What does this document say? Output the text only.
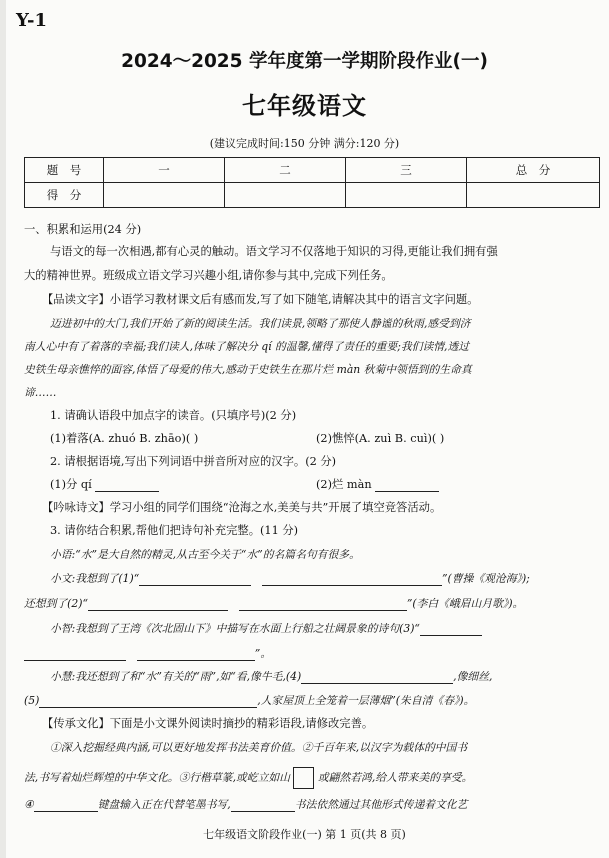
Y-1
2024～2025 学年度第一学期阶段作业(一)
七年级语文
(建议完成时间:150 分钟 满分:120 分)
题　号	一	二	三	总　分
得　分				
一、积累和运用(24 分)
与语文的每一次相遇,都有心灵的触动。语文学习不仅落地于知识的习得,更能让我们拥有强
大的精神世界。班级成立语文学习兴趣小组,请你参与其中,完成下列任务。
【品读文字】小语学习教材课文后有感而发,写了如下随笔,请解决其中的语言文字问题。
迈进初中的大门,我们开始了新的阅读生活。我们读景,领略了那使人静谧的秋雨,感受到济
南人心中有了着落的幸福;我们读人,体味了解决分 qí 的温馨,懂得了责任的重要;我们读情,透过
史铁生母亲憔悴的面容,体悟了母爱的伟大,感动于史铁生在那片烂 màn 秋菊中领悟到的生命真
谛……
1. 请确认语段中加点字的读音。(只填序号)(2 分)
(1)着落(A. zhuó B. zhāo)( )	(2)憔悴(A. zuì B. cuì)( )
2. 请根据语境,写出下列词语中拼音所对应的汉字。(2 分)
(1)分 qí	(2)烂 màn
【吟咏诗文】学习小组的同学们围绕“沧海之水,美美与共”开展了填空竞答活动。
3. 请你结合积累,帮他们把诗句补充完整。(11 分)
小语:“水”是大自然的精灵,从古至今关于“水”的名篇名句有很多。
小文:我想到了(1)“　	”(曹操《观沧海》);
还想到了(2)“　	”(李白《峨眉山月歌》)。
小智:我想到了王湾《次北固山下》中描写在水面上行船之壮阔景象的诗句(3)“
　”。
小慧:我还想到了和“水”有关的“雨”,如“看,像牛毛,(4)	,像细丝,
(5)	,人家屋顶上全笼着一层薄烟”(朱自清《春》)。
【传承文化】下面是小文课外阅读时摘抄的精彩语段,请修改完善。
①深入挖掘经典内涵,可以更好地发挥书法美育价值。②千百年来,以汉字为载体的中国书
法,书写着灿烂辉煌的中华文化。③行楷草篆,或屹立如山	或翩然若鸿,给人带来美的享受。
④	键盘输入正在代替笔墨书写,	书法依然通过其他形式传递着文化艺
七年级语文阶段作业(一) 第 1 页(共 8 页)
